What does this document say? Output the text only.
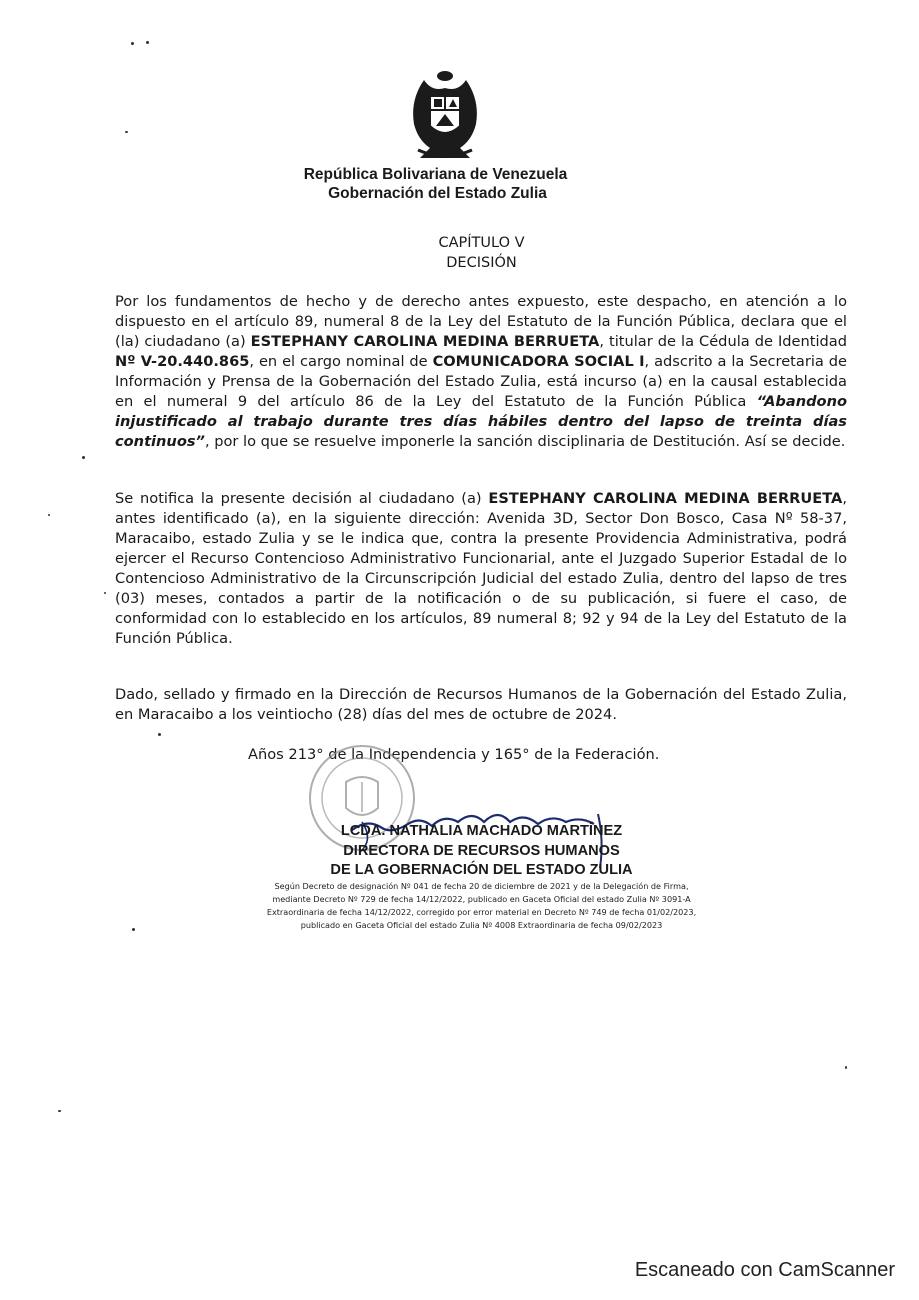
República Bolivariana de Venezuela
Gobernación del Estado Zulia
CAPÍTULO V
DECISIÓN
Por los fundamentos de hecho y de derecho antes expuesto, este despacho, en atención a lo dispuesto en el artículo 89, numeral 8 de la Ley del Estatuto de la Función Pública, declara que el (la) ciudadano (a) ESTEPHANY CAROLINA MEDINA BERRUETA, titular de la Cédula de Identidad Nº V-20.440.865, en el cargo nominal de COMUNICADORA SOCIAL I, adscrito a la Secretaria de Información y Prensa de la Gobernación del Estado Zulia, está incurso (a) en la causal establecida en el numeral 9 del artículo 86 de la Ley del Estatuto de la Función Pública “Abandono injustificado al trabajo durante tres días hábiles dentro del lapso de treinta días continuos”, por lo que se resuelve imponerle la sanción disciplinaria de Destitución. Así se decide.
Se notifica la presente decisión al ciudadano (a) ESTEPHANY CAROLINA MEDINA BERRUETA, antes identificado (a), en la siguiente dirección: Avenida 3D, Sector Don Bosco, Casa Nº 58-37, Maracaibo, estado Zulia y se le indica que, contra la presente Providencia Administrativa, podrá ejercer el Recurso Contencioso Administrativo Funcionarial, ante el Juzgado Superior Estadal de lo Contencioso Administrativo de la Circunscripción Judicial del estado Zulia, dentro del lapso de tres (03) meses, contados a partir de la notificación o de su publicación, si fuere el caso, de conformidad con lo establecido en los artículos, 89 numeral 8; 92 y 94 de la Ley del Estatuto de la Función Pública.
Dado, sellado y firmado en la Dirección de Recursos Humanos de la Gobernación del Estado Zulia, en Maracaibo a los veintiocho (28) días del mes de octubre de 2024.
Años 213° de la Independencia y 165° de la Federación.
LCDA. NATHALIA MACHADO MARTÍNEZ
DIRECTORA DE RECURSOS HUMANOS
DE LA GOBERNACIÓN DEL ESTADO ZULIA
Según Decreto de designación Nº 041 de fecha 20 de diciembre de 2021 y de la Delegación de Firma,
mediante Decreto Nº 729 de fecha 14/12/2022, publicado en Gaceta Oficial del estado Zulia Nº 3091-A
Extraordinaria de fecha 14/12/2022, corregido por error material en Decreto Nº 749 de fecha 01/02/2023,
publicado en Gaceta Oficial del estado Zulia Nº 4008 Extraordinaria de fecha 09/02/2023
Escaneado con CamScanner
